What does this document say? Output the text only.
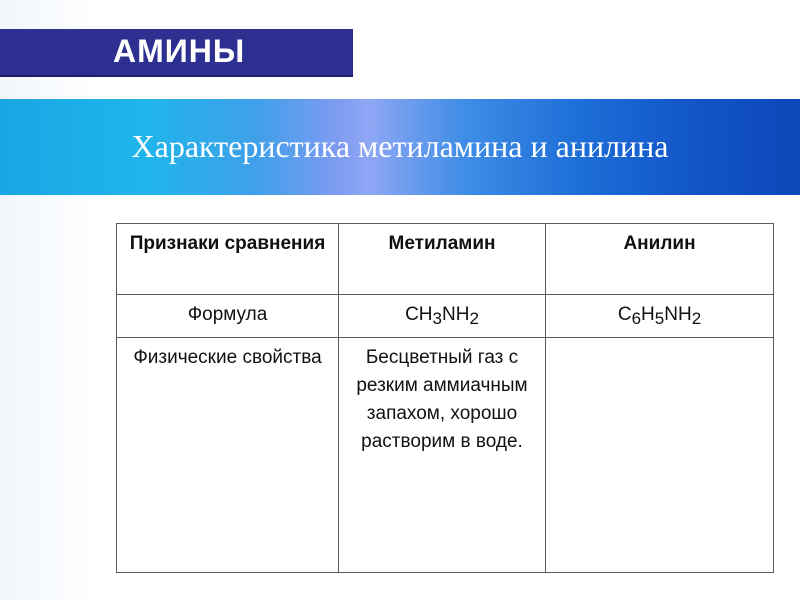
АМИНЫ
Характеристика метиламина и анилина
Признаки сравнения	Метиламин	Анилин
Формула	$CH_3NH_2$	$C_6H_5NH_2$
Физические свойства	Бесцветный газ с резким аммиачным запахом, хорошо растворим в воде.	
